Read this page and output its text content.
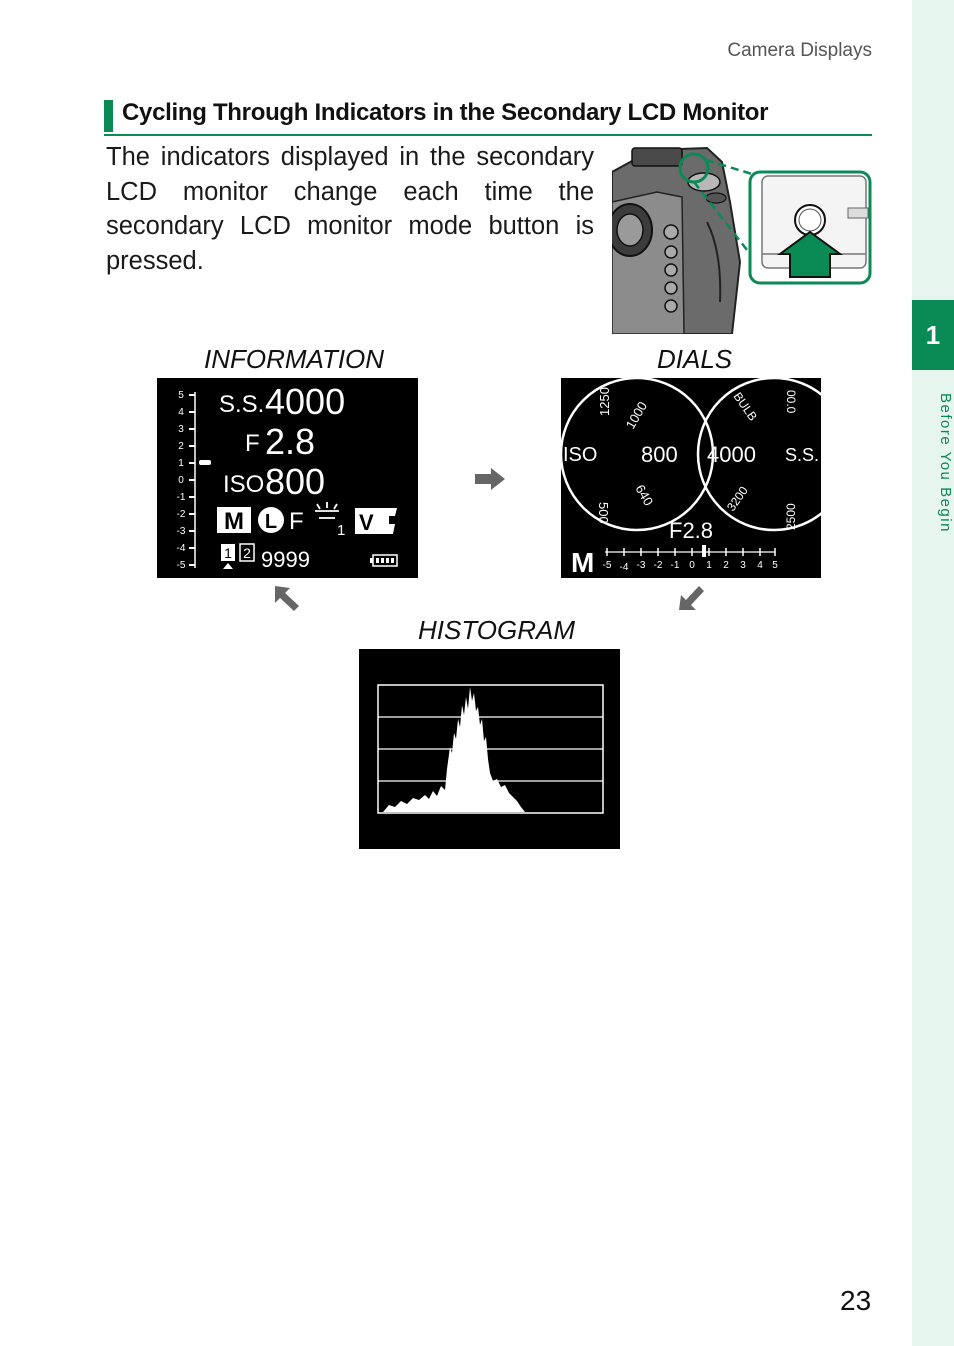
Camera Displays
1
Before You Begin
Cycling Through Indicators in the Secondary LCD Monitor
The indicators displayed in the secondary LCD monitor change each time the secondary LCD monitor mode button is pressed.
INFORMATION	DIALS
HISTOGRAM
5
4
3
2
1
0
-1
-2
-3
-4
-5
S.S. 4000
F 2.8
ISO 800
M L F 1 V
1 2 9999
1250 1000
640
500
ISO 800
BULB 00.0
3200
2500
4000 S.S.
F2.8
M -5 -4 -3 -2 -1 0 1 2 3 4 5
23
